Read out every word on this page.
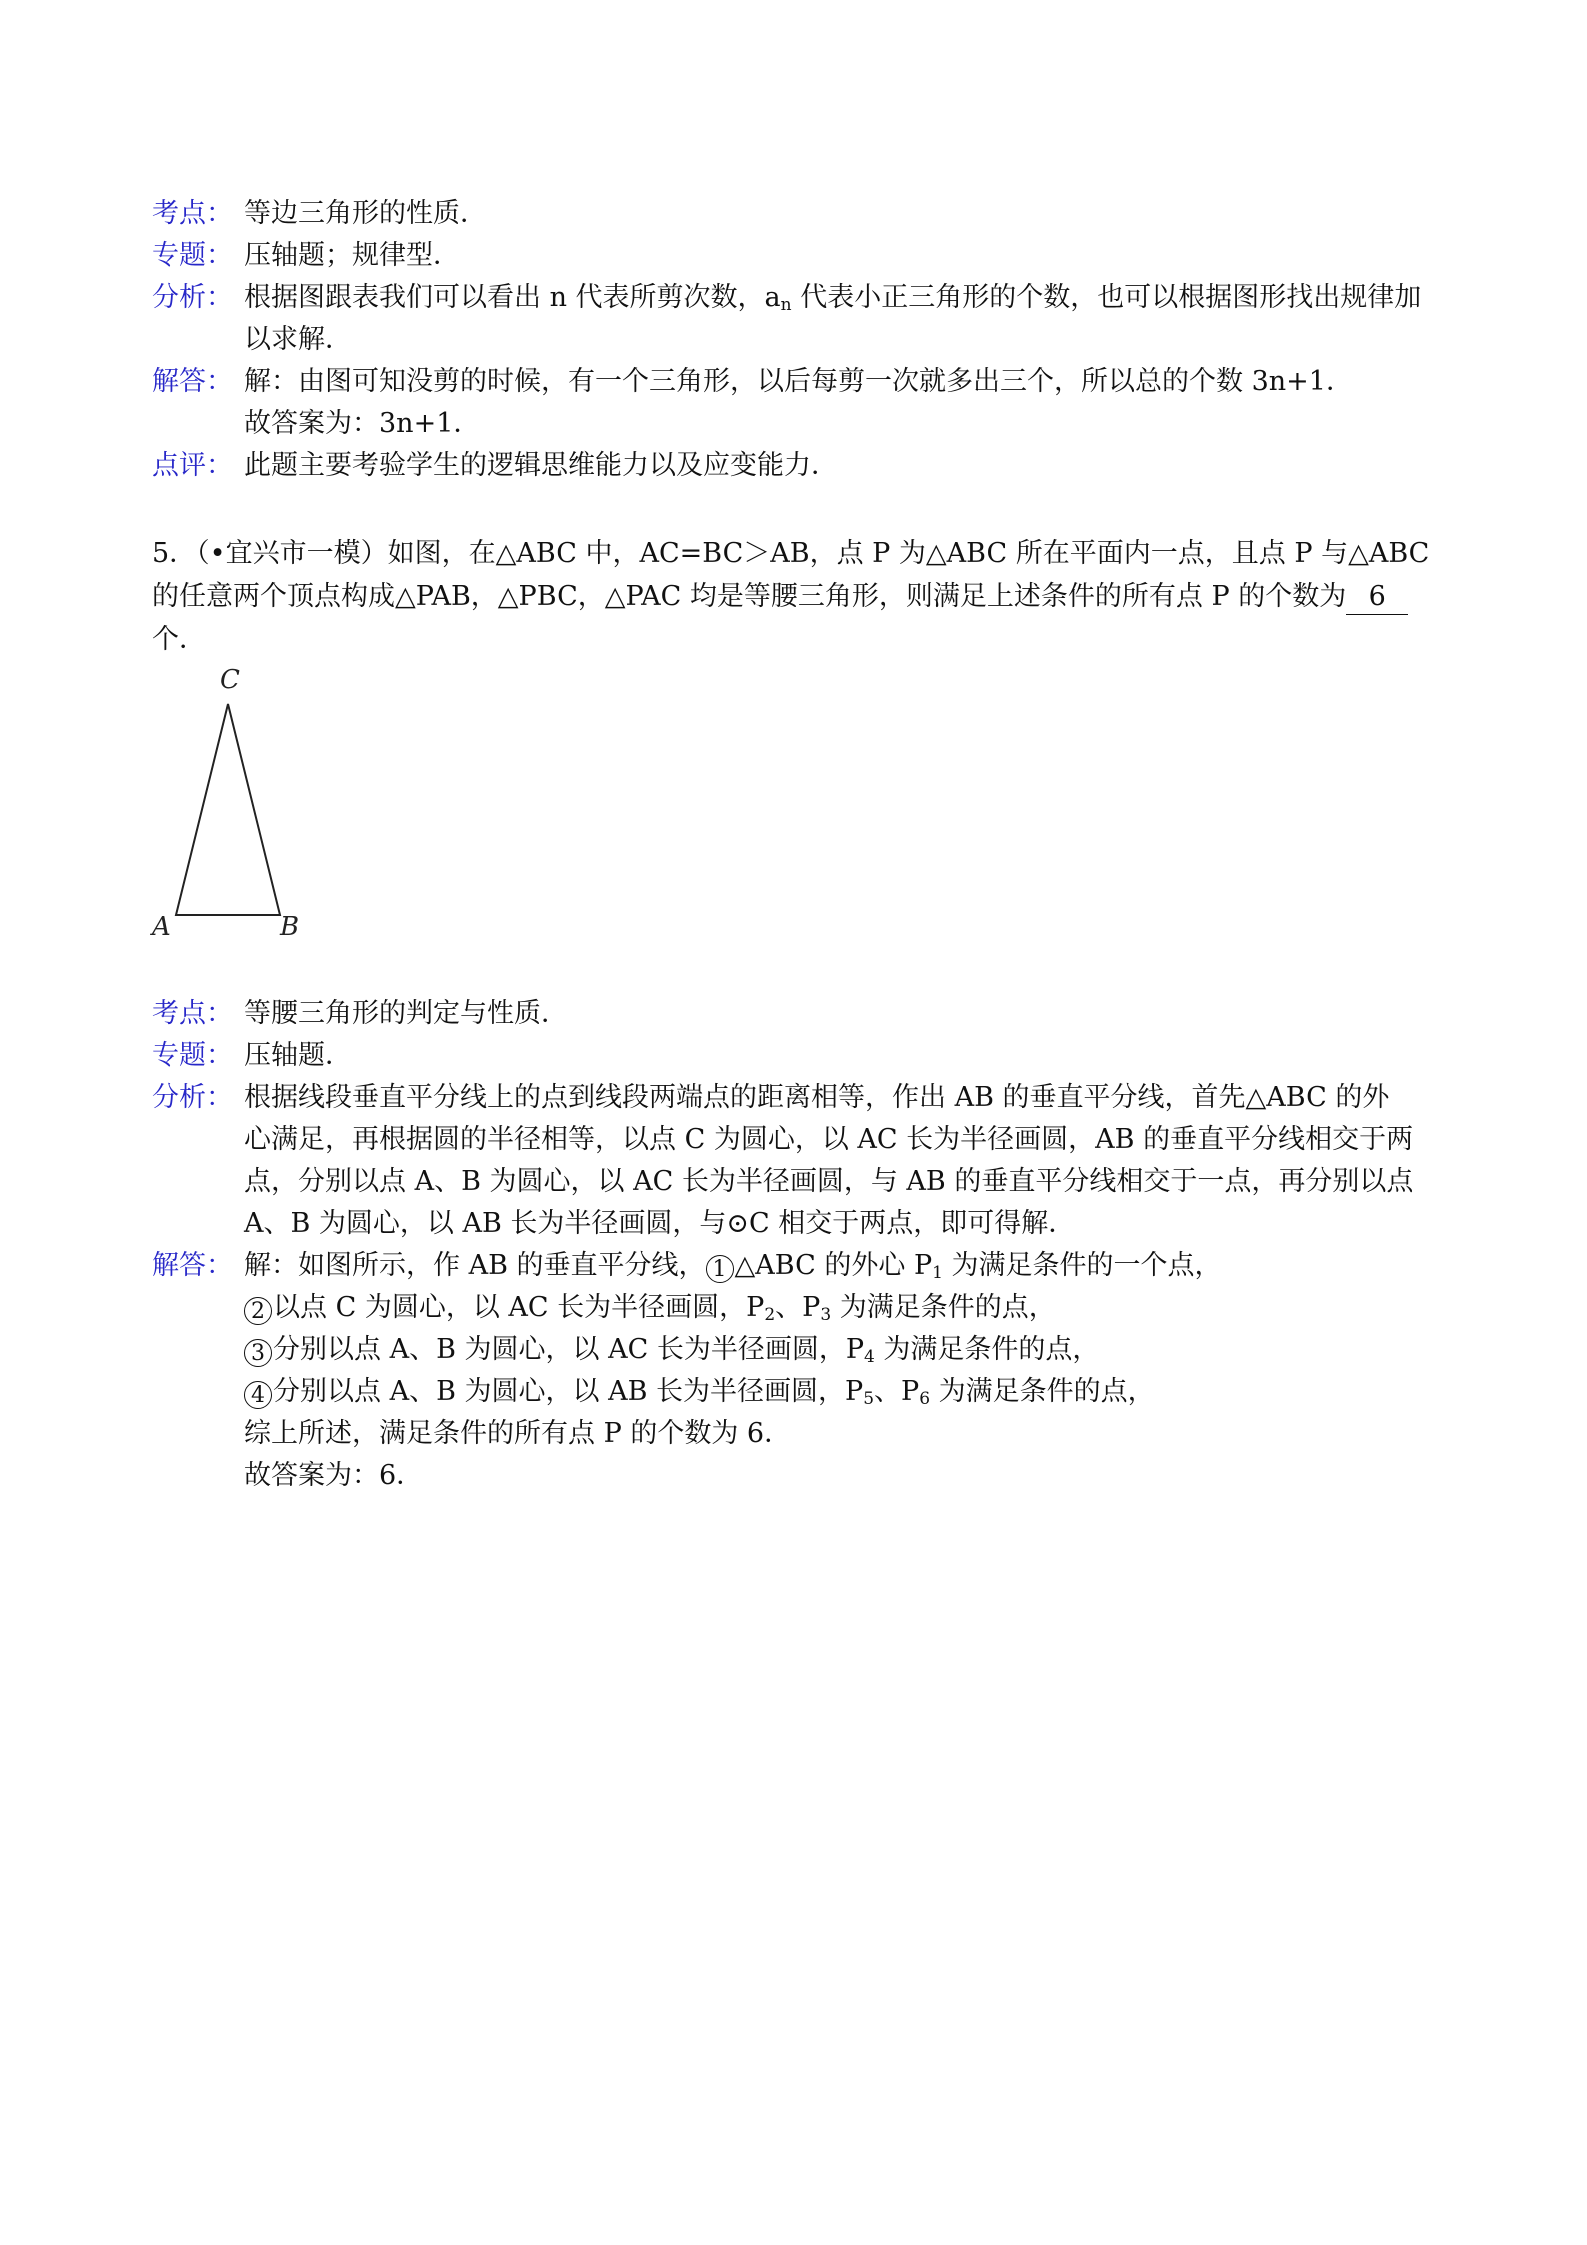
考点： 等边三角形的性质．
专题： 压轴题；规律型．
分析： 根据图跟表我们可以看出 n 代表所剪次数，$a_n$ 代表小正三角形的个数，也可以根据图形找出规律加
以求解．
解答： 解：由图可知没剪的时候，有一个三角形，以后每剪一次就多出三个，所以总的个数 3n+1．
故答案为：3n+1．
点评： 此题主要考验学生的逻辑思维能力以及应变能力．
5．（•宜兴市一模）如图，在△ABC 中，AC=BC＞AB，点 P 为△ABC 所在平面内一点，且点 P 与△ABC
的任意两个顶点构成△PAB，△PBC，△PAC 均是等腰三角形，则满足上述条件的所有点 P 的个数为 6
个．
C
A	B
考点： 等腰三角形的判定与性质．
专题： 压轴题．
分析： 根据线段垂直平分线上的点到线段两端点的距离相等，作出 AB 的垂直平分线，首先△ABC 的外
心满足，再根据圆的半径相等，以点 C 为圆心，以 AC 长为半径画圆，AB 的垂直平分线相交于两
点，分别以点 A、B 为圆心，以 AC 长为半径画圆，与 AB 的垂直平分线相交于一点，再分别以点
A、B 为圆心，以 AB 长为半径画圆，与⊙C 相交于两点，即可得解．
解答： 解：如图所示，作 AB 的垂直平分线， 1 △ABC 的外心 $P_1$ 为满足条件的一个点，
2 以点 C 为圆心，以 AC 长为半径画圆，$P_2$、$P_3$ 为满足条件的点，
3 分别以点 A、B 为圆心，以 AC 长为半径画圆，$P_4$ 为满足条件的点，
4 分别以点 A、B 为圆心，以 AB 长为半径画圆，$P_5$、$P_6$ 为满足条件的点，
综上所述，满足条件的所有点 P 的个数为 6．
故答案为：6．
